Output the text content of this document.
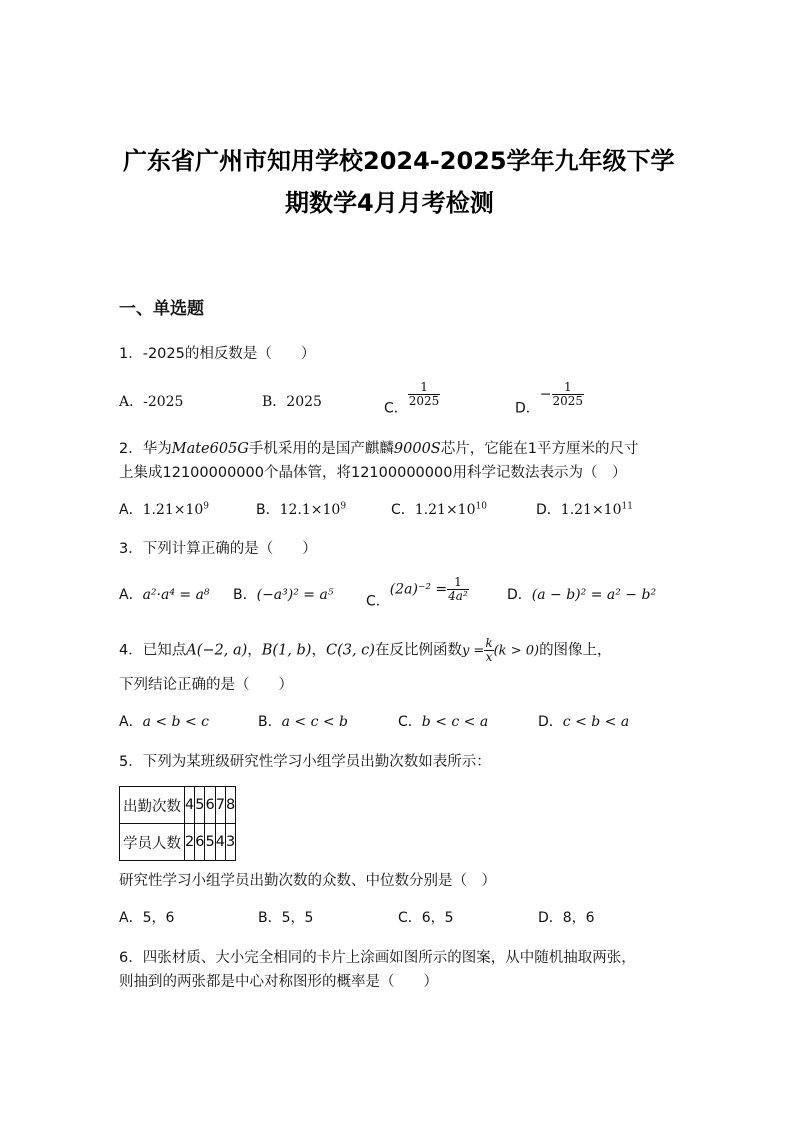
广东省广州市知用学校2024-2025学年九年级下学
期数学4月月考检测
一、单选题
1．-2025的相反数是（　　）
A．-2025	B．2025	C．
$\frac{1}{2025}$
D．− $\frac{1}{2025}$
2．华为Mate605G手机采用的是国产麒麟9000S芯片，它能在1平方厘米的尺寸
上集成12100000000个晶体管，将12100000000用科学记数法表示为（　）
A．$1.21\times 10^9$	B．$12.1\times 10^9$	C．$1.21\times 10^{10}$	D．$1.21\times 10^{11}$
3．下列计算正确的是（　　）
A．a²·a⁴ = a⁸ B．(−a³)² = a⁵ C．$(2a)^{-2} = \frac{1}{\text{4a²}}$	D．(a − b)² = a² − b²
4．已知点A(−2, a)，B(1, b)，C(3, c)在反比例函数$y = \frac{k}{x} (k > 0)$的图像上，
下列结论正确的是（　　）
A．a < b < c	B．a < c < b	C．b < c < a	D．c < b < a
5．下列为某班级研究性学习小组学员出勤次数如表所示：
出勤次数	4	5	6	7	8
学员人数	2	6	5	4	3
研究性学习小组学员出勤次数的众数、中位数分别是（　）
A．5，6	B．5，5	C．6，5	D．8，6
6．四张材质、大小完全相同的卡片上涂画如图所示的图案，从中随机抽取两张，
则抽到的两张都是中心对称图形的概率是（　　）
